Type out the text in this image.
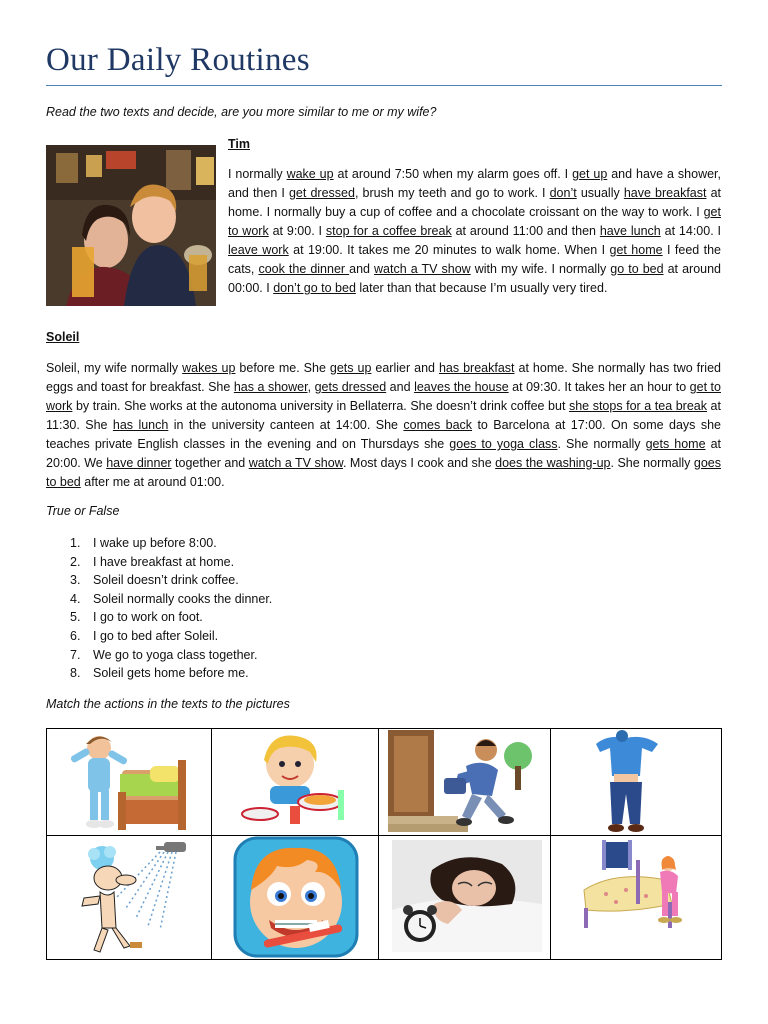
Our Daily Routines
Read the two texts and decide, are you more similar to me or my wife?
Tim
I normally wake up at around 7:50 when my alarm goes off. I get up and have a shower, and then I get dressed, brush my teeth and go to work. I don’t usually have breakfast at home. I normally buy a cup of coffee and a chocolate croissant on the way to work. I get to work at 9:00. I stop for a coffee break at around 11:00 and then have lunch at 14:00. I leave work at 19:00. It takes me 20 minutes to walk home. When I get home I feed the cats, cook the dinner and watch a TV show with my wife. I normally go to bed at around 00:00. I don’t go to bed later than that because I’m usually very tired.
Soleil
Soleil, my wife normally wakes up before me. She gets up earlier and has breakfast at home. She normally has two fried eggs and toast for breakfast. She has a shower, gets dressed and leaves the house at 09:30. It takes her an hour to get to work by train. She works at the autonoma university in Bellaterra. She doesn’t drink coffee but she stops for a tea break at 11:30. She has lunch in the university canteen at 14:00. She comes back to Barcelona at 17:00. On some days she teaches private English classes in the evening and on Thursdays she goes to yoga class. She normally gets home at 20:00. We have dinner together and watch a TV show. Most days I cook and she does the washing-up. She normally goes to bed after me at around 01:00.
True or False
1.	I wake up before 8:00.
2.	I have breakfast at home.
3.	Soleil doesn’t drink coffee.
4.	Soleil normally cooks the dinner.
5.	I go to work on foot.
6.	I go to bed after Soleil.
7.	We go to yoga class together.
8.	Soleil gets home before me.
Match the actions in the texts to the pictures
